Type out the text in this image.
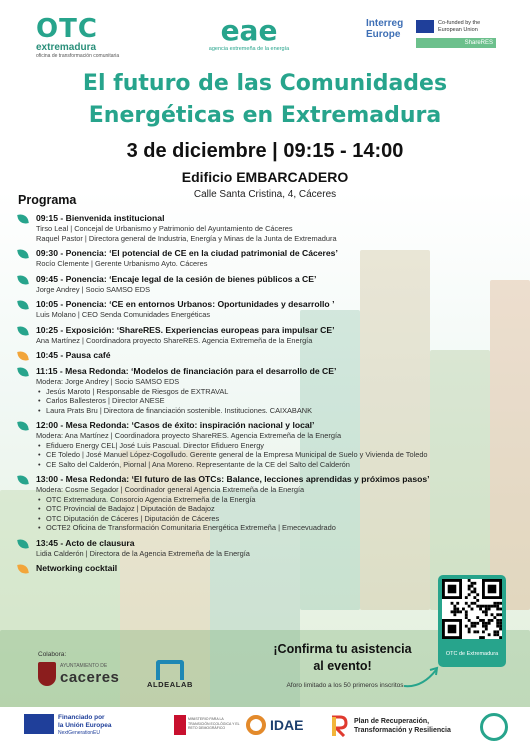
OTC
extremadura
oficina de transformación comunitaria
eae
agencia extremeña de la energía
Interreg
Europe
Co-funded by the European Union
ShareRES
El futuro de las Comunidades
Energéticas en Extremadura
3 de diciembre | 09:15 - 14:00
Edificio EMBARCADERO
Calle Santa Cristina, 4, Cáceres
Programa
09:15 - Bienvenida institucional
Tirso Leal | Concejal de Urbanismo y Patrimonio del Ayuntamiento de Cáceres
Raquel Pastor | Directora general de Industria, Energía y Minas de la Junta de Extremadura
09:30 - Ponencia: ‘El potencial de CE en la ciudad patrimonial de Cáceres’
Rocío Clemente | Gerente Urbanismo Ayto. Cáceres
09:45 - Ponencia: ‘Encaje legal de la cesión de bienes públicos a CE’
Jorge Andrey | Socio SAMSO EDS
10:05 - Ponencia: ‘CE en entornos Urbanos: Oportunidades y desarrollo ’
Luis Molano | CEO Senda Comunidades Energéticas
10:25 - Exposición: ‘ShareRES. Experiencias europeas para impulsar CE’
Ana Martínez | Coordinadora proyecto ShareRES. Agencia Extremeña de la Energía
10:45 - Pausa café
11:15 - Mesa Redonda: ‘Modelos de financiación para el desarrollo de CE’
Modera: Jorge Andrey | Socio SAMSO EDS
• Jesús Maroto | Responsable de Riesgos de EXTRAVAL
• Carlos Ballesteros | Director ANESE
• Laura Prats Bru | Directora de financiación sostenible. Instituciones. CAIXABANK
12:00 - Mesa Redonda: ‘Casos de éxito: inspiración nacional y local’
Modera: Ana Martínez | Coordinadora proyecto ShareRES. Agencia Extremeña de la Energía
• Efiduero Energy CEL| José Luis Pascual. Director Efiduero Energy
• CE Toledo | José Manuel López-Cogolludo. Gerente general de la Empresa Municipal de Suelo y Vivienda de Toledo
• CE Salto del Calderón, Piornal | Ana Moreno. Representante de la CE del Salto del Calderón
13:00 - Mesa Redonda: ‘El futuro de las OTCs: Balance, lecciones aprendidas y próximos pasos’
Modera: Cosme Segador | Coordinador general Agencia Extremeña de la Energía
• OTC Extremadura. Consorcio Agencia Extremeña de la Energía
• OTC Provincial de Badajoz | Diputación de Badajoz
• OTC Diputación de Cáceres | Diputación de Cáceres
• OCTE2 Oficina de Transformación Comunitaria Energética Extremeña | Emecevuadrado
13:45 - Acto de clausura
Lidia Calderón | Directora de la Agencia Extremeña de la Energía
Networking cocktail
Colabora:
AYUNTAMIENTO DE
caceres	ALDEALAB
¡Confirma tu asistencia
al evento!
Aforo limitado a los 50 primeros inscritos
OTC de Extremadura
Financiado por
la Unión Europea
NextGenerationEU
MINISTERIO PARA LA TRANSICIÓN ECOLÓGICA Y EL RETO DEMOGRÁFICO	IDAE	Plan de Recuperación,
Transformación y Resiliencia
